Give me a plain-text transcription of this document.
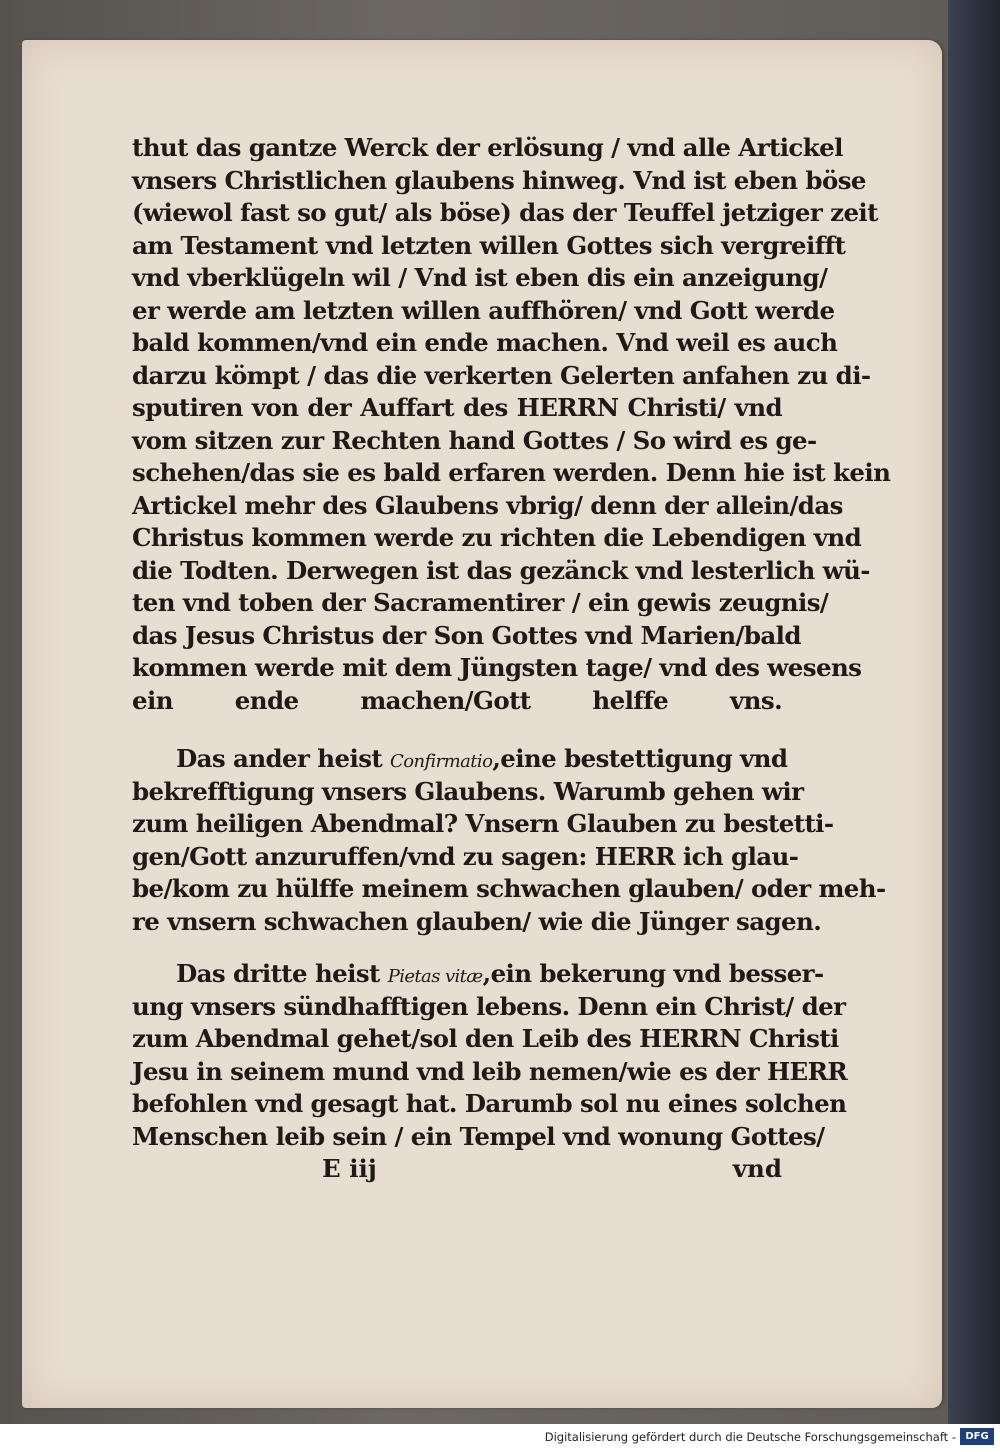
thut das gantze Werck der erlösung / vnd alle Artickel
vnsers Christlichen glaubens hinweg. Vnd ist eben böse
(wiewol fast so gut/ als böse) das der Teuffel jetziger zeit
am Testament vnd letzten willen Gottes sich vergreifft
vnd vberklügeln wil / Vnd ist eben dis ein anzeigung/
er werde am letzten willen auffhören/ vnd Gott werde
bald kommen/vnd ein ende machen. Vnd weil es auch
darzu kömpt / das die verkerten Gelerten anfahen zu di-
sputiren von der Auffart des HERRN Christi/ vnd
vom sitzen zur Rechten hand Gottes / So wird es ge-
schehen/das sie es bald erfaren werden. Denn hie ist kein
Artickel mehr des Glaubens vbrig/ denn der allein/das
Christus kommen werde zu richten die Lebendigen vnd
die Todten. Derwegen ist das gezänck vnd lesterlich wü-
ten vnd toben der Sacramentirer / ein gewis zeugnis/
das Jesus Christus der Son Gottes vnd Marien/bald
kommen werde mit dem Jüngsten tage/ vnd des wesens
ein ende machen/Gott helffe vns.
Das ander heist Confirmatio,eine bestettigung vnd
bekrefftigung vnsers Glaubens. Warumb gehen wir
zum heiligen Abendmal? Vnsern Glauben zu bestetti-
gen/Gott anzuruffen/vnd zu sagen: HERR ich glau-
be/kom zu hülffe meinem schwachen glauben/ oder meh-
re vnsern schwachen glauben/ wie die Jünger sagen.
Das dritte heist Pietas vitæ,ein bekerung vnd besser-
ung vnsers sündhafftigen lebens. Denn ein Christ/ der
zum Abendmal gehet/sol den Leib des HERRN Christi
Jesu in seinem mund vnd leib nemen/wie es der HERR
befohlen vnd gesagt hat. Darumb sol nu eines solchen
Menschen leib sein / ein Tempel vnd wonung Gottes/
E iij	vnd
Digitalisierung gefördert durch die Deutsche Forschungsgemeinschaft - DFG
